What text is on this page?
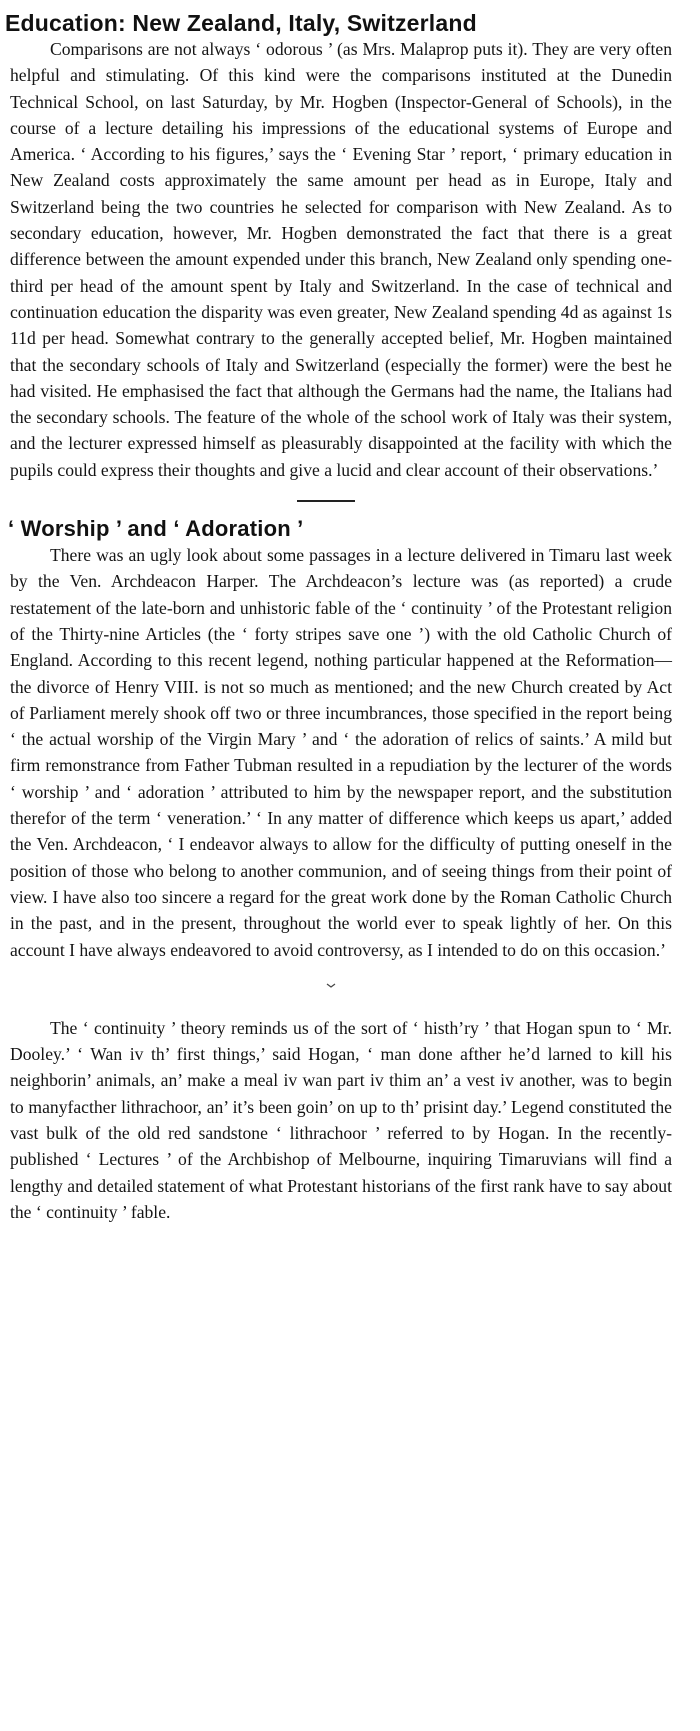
Education: New Zealand, Italy, Switzerland

Comparisons are not always ‘ odorous ’ (as Mrs. Malaprop puts it). They are very often helpful and stimulating. Of this kind were the comparisons instituted at the Dunedin Technical School, on last Saturday, by Mr. Hogben (Inspector-General of Schools), in the course of a lecture detailing his impressions of the educational systems of Europe and America. ‘ According to his figures,’ says the ‘ Evening Star ’ report, ‘ primary education in New Zealand costs approximately the same amount per head as in Europe, Italy and Switzerland being the two countries he selected for comparison with New Zealand. As to secondary education, however, Mr. Hogben demonstrated the fact that there is a great difference between the amount expended under this branch, New Zealand only spending one-third per head of the amount spent by Italy and Switzerland. In the case of technical and continuation education the disparity was even greater, New Zealand spending 4d as against 1s 11d per head. Somewhat contrary to the generally accepted belief, Mr. Hogben maintained that the secondary schools of Italy and Switzerland (especially the former) were the best he had visited. He emphasised the fact that although the Germans had the name, the Italians had the secondary schools. The feature of the whole of the school work of Italy was their system, and the lecturer expressed himself as pleasurably disappointed at the facility with which the pupils could express their thoughts and give a lucid and clear account of their observations.’

‘ Worship ’ and ‘ Adoration ’

There was an ugly look about some passages in a lecture delivered in Timaru last week by the Ven. Archdeacon Harper. The Archdeacon’s lecture was (as reported) a crude restatement of the late-born and unhistoric fable of the ‘ continuity ’ of the Protestant religion of the Thirty-nine Articles (the ‘ forty stripes save one ’) with the old Catholic Church of England. According to this recent legend, nothing particular happened at the Reformation—the divorce of Henry VIII. is not so much as mentioned; and the new Church created by Act of Parliament merely shook off two or three incumbrances, those specified in the report being ‘ the actual worship of the Virgin Mary ’ and ‘ the adoration of relics of saints.’ A mild but firm remonstrance from Father Tubman resulted in a repudiation by the lecturer of the words ‘ worship ’ and ‘ adoration ’ attributed to him by the newspaper report, and the substitution therefor of the term ‘ veneration.’ ‘ In any matter of difference which keeps us apart,’ added the Ven. Archdeacon, ‘ I endeavor always to allow for the difficulty of putting oneself in the position of those who belong to another communion, and of seeing things from their point of view. I have also too sincere a regard for the great work done by the Roman Catholic Church in the past, and in the present, throughout the world ever to speak lightly of her. On this account I have always endeavored to avoid controversy, as I intended to do on this occasion.’

The ‘ continuity ’ theory reminds us of the sort of ‘ histh’ry ’ that Hogan spun to ‘ Mr. Dooley.’ ‘ Wan iv th’ first things,’ said Hogan, ‘ man done afther he’d larned to kill his neighborin’ animals, an’ make a meal iv wan part iv thim an’ a vest iv another, was to begin to manyfacther lithrachoor, an’ it’s been goin’ on up to th’ prisint day.’ Legend constituted the vast bulk of the old red sandstone ‘ lithrachoor ’ referred to by Hogan. In the recently-published ‘ Lectures ’ of the Archbishop of Melbourne, inquiring Timaruvians will find a lengthy and detailed statement of what Protestant historians of the first rank have to say about the ‘ continuity ’ fable.
